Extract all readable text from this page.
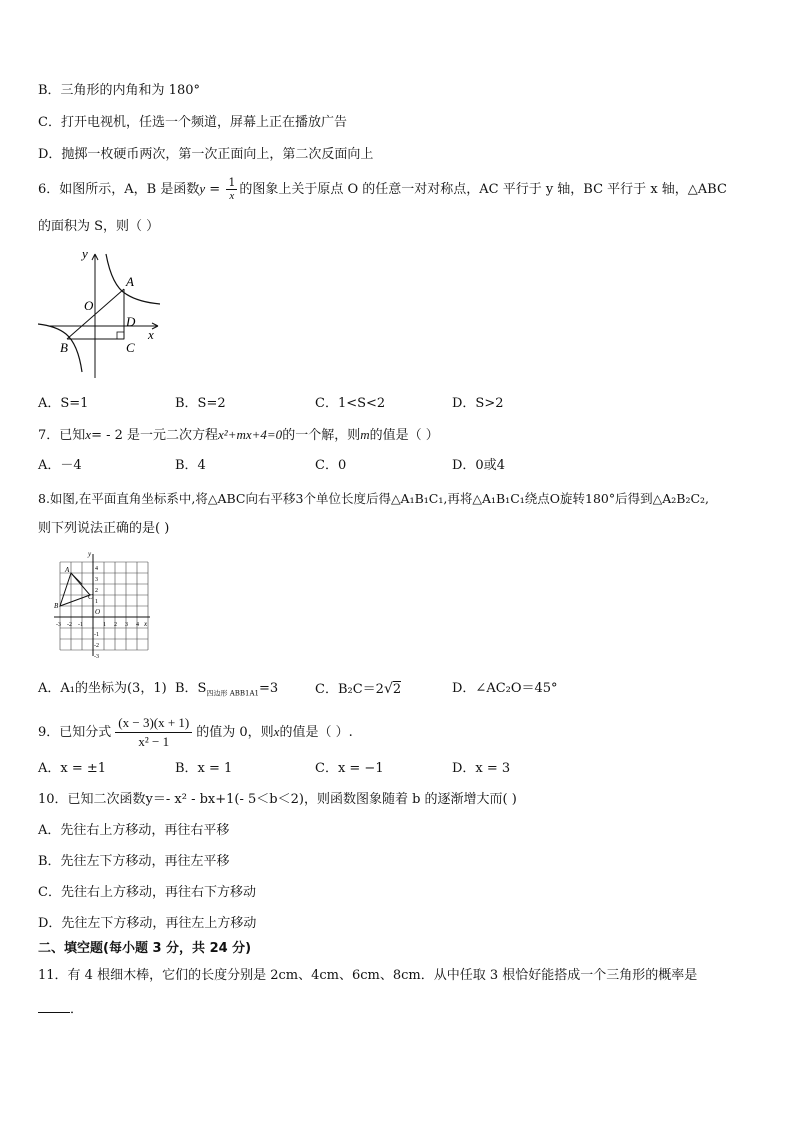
B．三角形的内角和为 180°
C．打开电视机，任选一个频道，屏幕上正在播放广告
D．抛掷一枚硬币两次，第一次正面向上，第二次反面向上
6．如图所示，A，B 是函数$y = \frac{1}{x}$ 的图象上关于原点 O 的任意一对对称点，AC 平行于 y 轴，BC 平行于 x 轴，△ABC
的面积为 S，则（ ）
y
x
O
A
D
B	C
A．S=1	B．S=2	C．1<S<2	D．S>2
7．已知x= - 2 是一元二次方程x²+mx+4=0的一个解，则m的值是（ ）
A．－4	B．4	C．0	D．0或4
8.如图,在平面直角坐标系中,将△ABC向右平移3个单位长度后得△A₁B₁C₁,再将△A₁B₁C₁绕点O旋转180°后得到△A₂B₂C₂,
则下列说法正确的是( )
y
x
O
A
B
C
-3 -2 -1	1 2 3 4
4
3
2
1
-1
-2
-3
A．A₁的坐标为(3，1) B．$S_{四边形 ABB1A1}=3$	C．B₂C＝2√2	D．∠AC₂O＝45°
9．已知分式 $\frac{(x - 3)(x + 1)}{\text{x² − 1}}$ 的值为 0，则x的值是（ ）.
A．x = ±1	B．x = 1	C．x = −1	D．x = 3
10．已知二次函数y＝- x² - bx+1(- 5＜b＜2)，则函数图象随着 b 的逐渐增大而( )
A．先往右上方移动，再往右平移
B．先往左下方移动，再往左平移
C．先往右上方移动，再往右下方移动
D．先往左下方移动，再往左上方移动
二、填空题(每小题 3 分，共 24 分)
11．有 4 根细木棒，它们的长度分别是 2cm、4cm、6cm、8cm．从中任取 3 根恰好能搭成一个三角形的概率是
．
